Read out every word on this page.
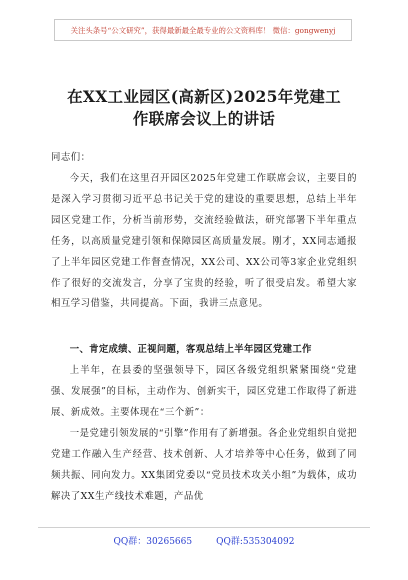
关注头条号“公文研究”，获得最新最全最专业的公文资料库！ 微信：gongwenyj
在XX工业园区(高新区)2025年党建工
作联席会议上的讲话
同志们：
今天，我们在这里召开园区2025年党建工作联席会议，主要目的是深入学习贯彻习近平总书记关于党的建设的重要思想，总结上半年园区党建工作，分析当前形势，交流经验做法，研究部署下半年重点任务，以高质量党建引领和保障园区高质量发展。刚才，XX同志通报了上半年园区党建工作督查情况，XX公司、XX公司等3家企业党组织作了很好的交流发言，分享了宝贵的经验，听了很受启发。希望大家相互学习借鉴，共同提高。下面，我讲三点意见。
一、肯定成绩、正视问题，客观总结上半年园区党建工作
上半年，在县委的坚强领导下，园区各级党组织紧紧围绕“党建强、发展强”的目标，主动作为、创新实干，园区党建工作取得了新进展、新成效。主要体现在“三个新”：
一是党建引领发展的“引擎”作用有了新增强。各企业党组织自觉把党建工作融入生产经营、技术创新、人才培养等中心任务，做到了同频共振、同向发力。XX集团党委以“党员技术攻关小组”为载体，成功解决了XX生产线技术难题，产品优
QQ群：30265665	QQ群:535304092
